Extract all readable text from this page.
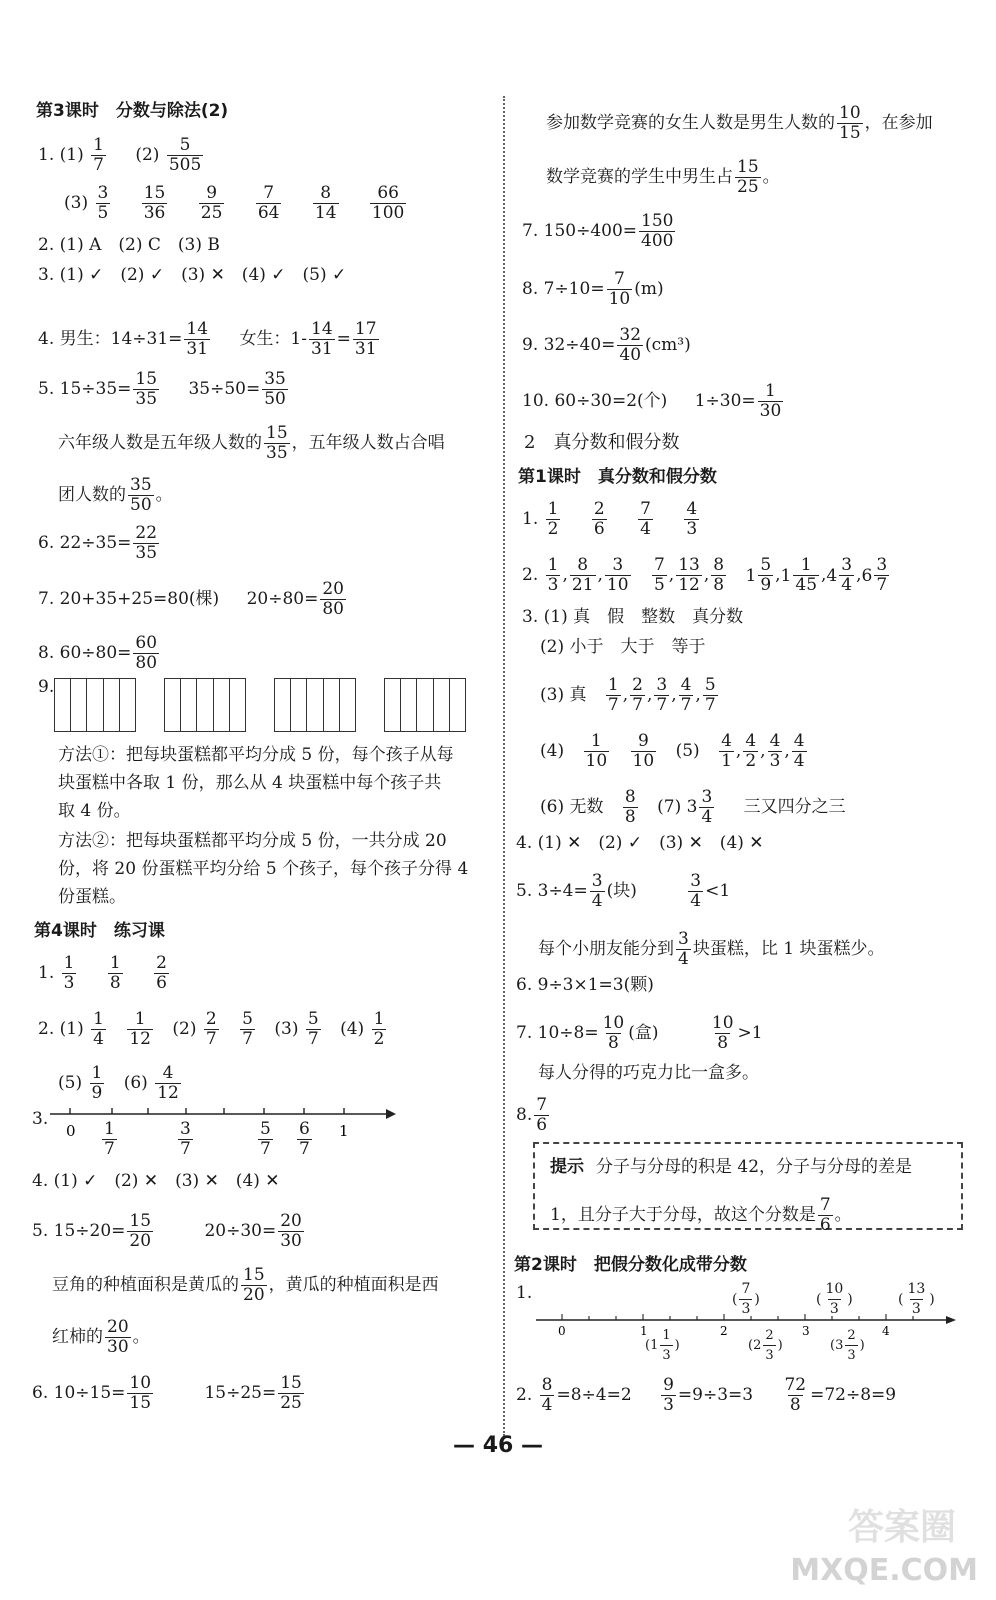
第3课时　分数与除法(2)
1. $(1) \frac{1}{7} (2) \frac{5}{505}$
$(3) \frac{3}{5}$
$\frac{15}{36}$
$\frac{9}{25}$
$\frac{7}{64}$
$\frac{8}{14}$
$\frac{66}{100}$
2. (1) A　(2) C　(3) B
3. (1) ✓　(2) ✓　(3) ✕　(4) ✓　(5) ✓
4. 男生：$14\div 31= \frac{14}{31}$ 女生：$1- \frac{14}{31} = \frac{17}{31}$
5. $15\div 35= \frac{15}{35} 35\div 50= \frac{35}{50}$
六年级人数是五年级人数的 $\frac{15}{35}$ ，五年级人数占合唱
团人数的 $\frac{35}{50}$ 。
6. $22\div 35= \frac{22}{35}$
7. 20+35+25=80(棵) $20\div 80= \frac{20}{80}$
8. $60\div 80= \frac{60}{80}$
9.
方法①：把每块蛋糕都平均分成 5 份，每个孩子从每
块蛋糕中各取 1 份，那么从 4 块蛋糕中每个孩子共
取 4 份。
方法②：把每块蛋糕都平均分成 5 份，一共分成 20
份，将 20 份蛋糕平均分给 5 个孩子，每个孩子分得 4
份蛋糕。
第4课时　练习课
1. $\frac{1}{3}$
$\frac{1}{8}$
$\frac{2}{6}$
2. $(1) \frac{1}{4}$
$\frac{1}{12} (2) \frac{2}{7}$
$\frac{5}{7} (3) \frac{5}{7} (4) \frac{1}{2}$
$(5) \frac{1}{9} (6) \frac{4}{12}$
3.
0	1
$\frac{1}{7}$	$\frac{3}{7}$	$\frac{5}{7} \frac{6}{7}$
4. (1) ✓　(2) ✕　(3) ✕　(4) ✕
5. $15\div 20= \frac{15}{20}$	$20\div 30= \frac{20}{30}$
豆角的种植面积是黄瓜的 $\frac{15}{20}$ ，黄瓜的种植面积是西
红柿的 $\frac{20}{30}$ 。
6. $10\div 15= \frac{10}{15}$	$15\div 25= \frac{15}{25}$
参加数学竞赛的女生人数是男生人数的 $\frac{10}{15}$ ，在参加
数学竞赛的学生中男生占 $\frac{15}{25}$ 。
7. $150\div 400= \frac{150}{400}$
8. $7\div 10= \frac{7}{10} (m)$
9. $32\div 40= \frac{32}{40} (cm^3)$
10. 60÷30=2(个) $1\div 30= \frac{1}{30}$
2　真分数和假分数
第1课时　真分数和假分数
1. $\frac{1}{2}$
$\frac{2}{6}$
$\frac{7}{4}$
$\frac{4}{3}$
2. $\frac{1}{3}$ , $\frac{8}{21}$ , $\frac{3}{10}$
$\frac{7}{5}$ , $\frac{13}{12}$ , $\frac{8}{8} 1$
5
9 ,1
1
45 ,4
3
4 ,6
3
7
3. (1) 真　假　整数　真分数
(2) 小于　大于　等于
(3) 真 $\frac{1}{7}$ , $\frac{2}{7}$ , $\frac{3}{7}$ , $\frac{4}{7}$ , $\frac{5}{7}$
$(4) \frac{1}{10}$
$\frac{9}{10} (5) \frac{4}{1}$ , $\frac{4}{2}$ , $\frac{4}{3}$ , $\frac{4}{4}$
(6) 无数 $\frac{8}{8} (7)$ $3 \frac{3}{4}$ 三又四分之三
4. (1) ✕　(2) ✓　(3) ✕　(4) ✕
5. $3\div 4= \frac{3}{4}$ (块)	$\frac{3}{4} <1$
每个小朋友能分到 $\frac{3}{4}$ 块蛋糕，比 1 块蛋糕少。
6. 9÷3×1=3(颗)
7. $10\div 8= \frac{10}{8}$ (盒)	$\frac{10}{8} >1$
每人分得的巧克力比一盒多。
8. $\frac{7}{6}$
提示 分子与分母的积是 42，分子与分母的差是
1，且分子大于分母，故这个分数是 $\frac{7}{6}$ 。
第2课时　把假分数化成带分数
1.	( $\frac{7}{3}$ )	( $\frac{10}{3}$ )	( $\frac{13}{3}$ )
0	1	2	3	4
(1
1
3
)	(2
2
3
)	(3
2
3
)
2. $\frac{8}{4} =8\div 4=2 \frac{9}{3} =9\div 3=3 \frac{72}{8} =72\div 8=9$
— 46 —
答案圈
MXQE.COM
